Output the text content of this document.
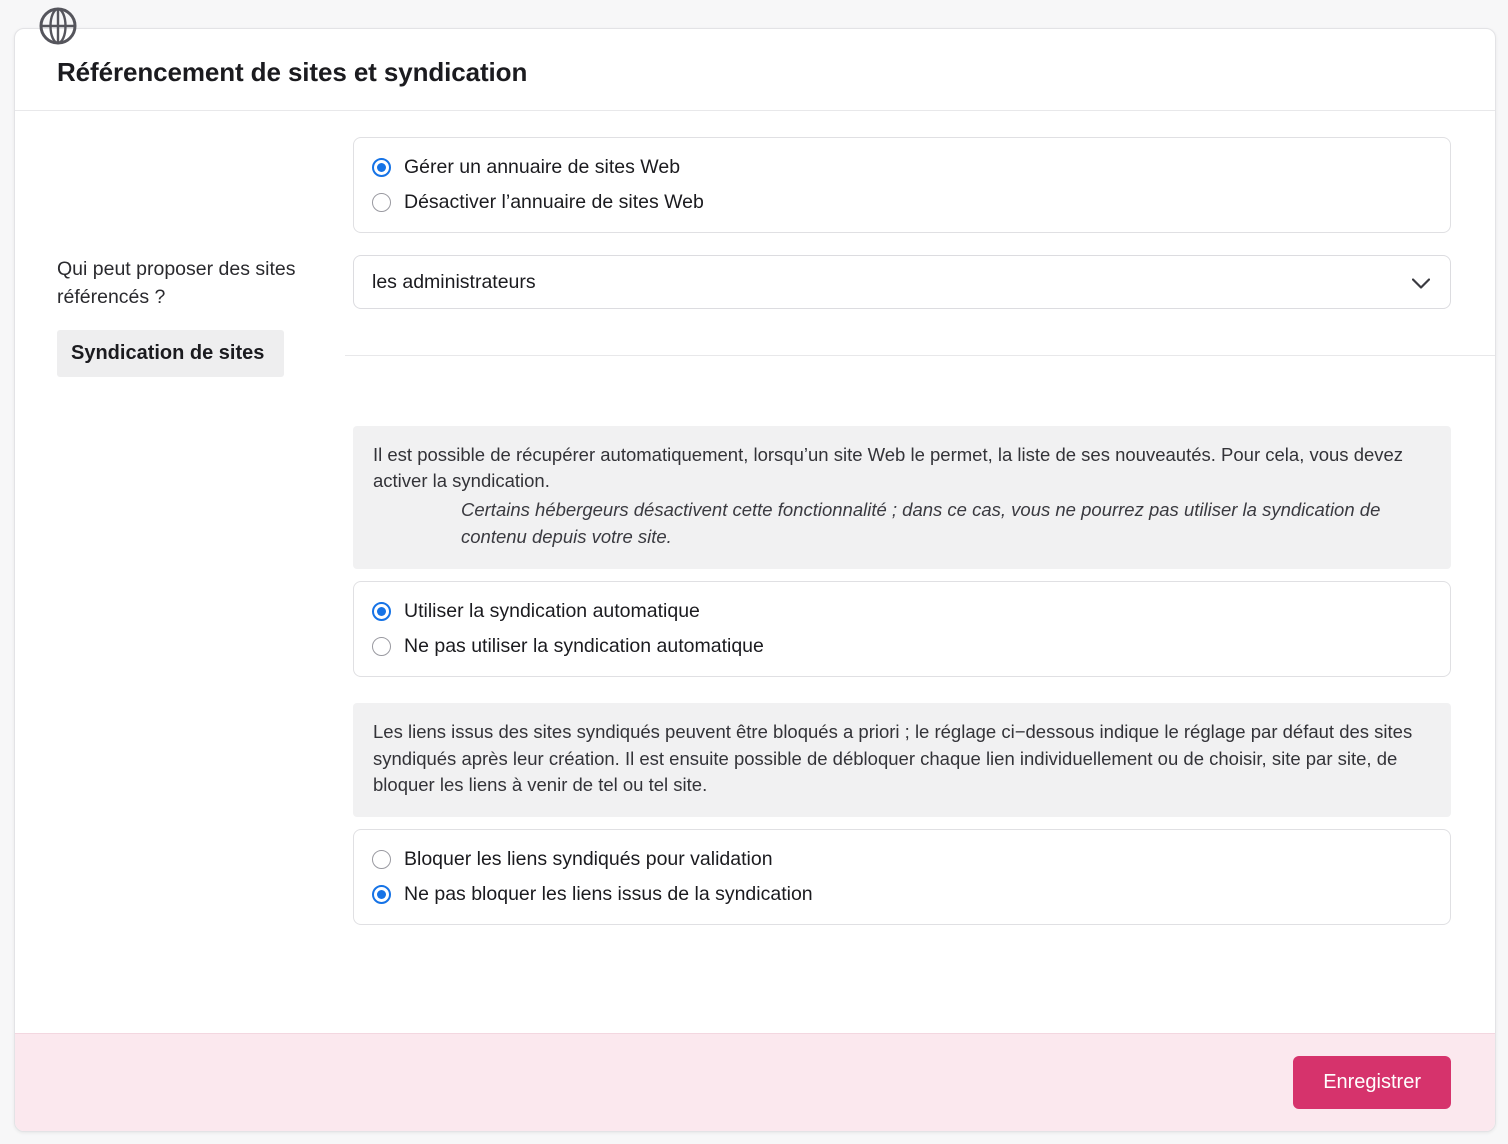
Référencement de sites et syndication
Gérer un annuaire de sites Web
Désactiver l’annuaire de sites Web
Qui peut proposer des sites référencés ?
les administrateurs
Syndication de sites
Il est possible de récupérer automatiquement, lorsqu’un site Web le permet, la liste de ses nouveautés. Pour cela, vous devez activer la syndication.
Certains hébergeurs désactivent cette fonctionnalité ; dans ce cas, vous ne pourrez pas utiliser la syndication de contenu depuis votre site.
Utiliser la syndication automatique
Ne pas utiliser la syndication automatique
Les liens issus des sites syndiqués peuvent être bloqués a priori ; le réglage ci−dessous indique le réglage par défaut des sites syndiqués après leur création. Il est ensuite possible de débloquer chaque lien individuellement ou de choisir, site par site, de bloquer les liens à venir de tel ou tel site.
Bloquer les liens syndiqués pour validation
Ne pas bloquer les liens issus de la syndication
Enregistrer
